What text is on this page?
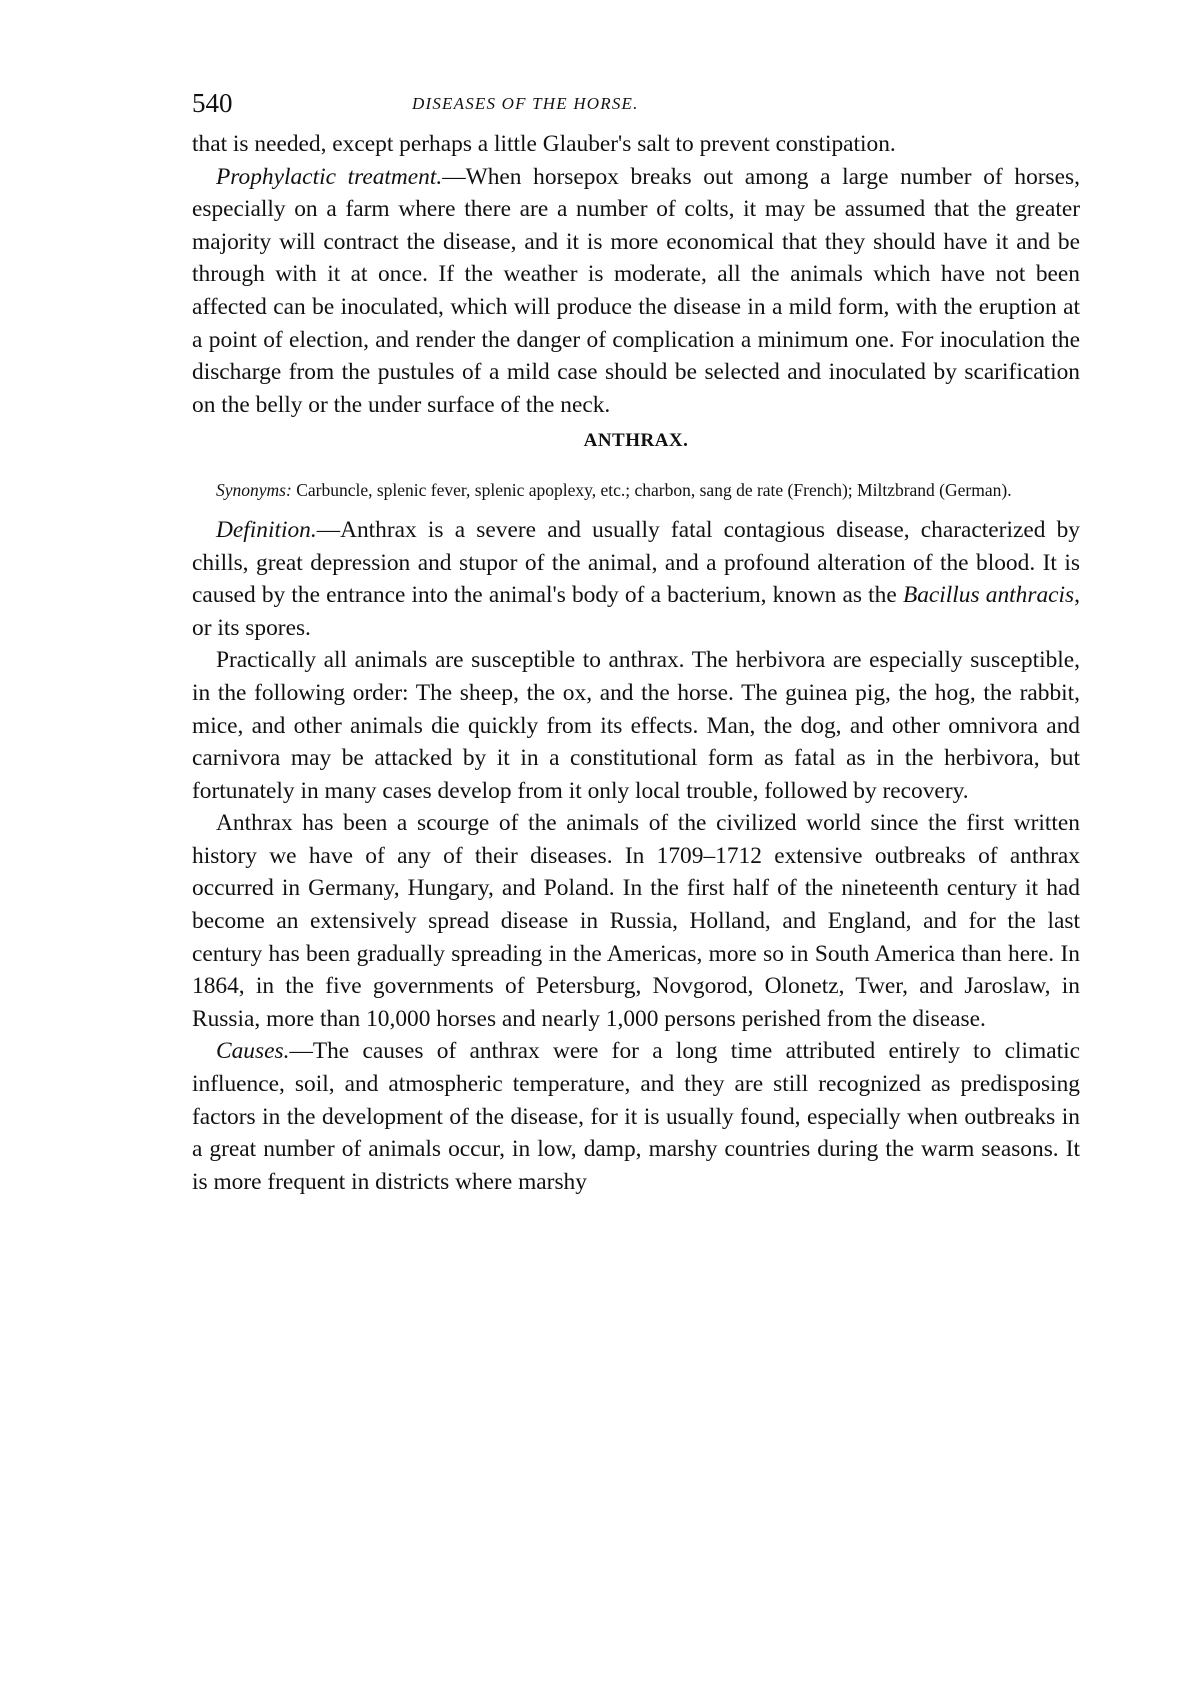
540	DISEASES OF THE HORSE.

that is needed, except perhaps a little Glauber's salt to prevent constipation.

Prophylactic treatment.—When horsepox breaks out among a large number of horses, especially on a farm where there are a number of colts, it may be assumed that the greater majority will contract the disease, and it is more economical that they should have it and be through with it at once. If the weather is moderate, all the animals which have not been affected can be inoculated, which will produce the disease in a mild form, with the eruption at a point of election, and render the danger of complication a minimum one. For inoculation the discharge from the pustules of a mild case should be selected and inoculated by scarification on the belly or the under surface of the neck.

ANTHRAX.

Synonyms: Carbuncle, splenic fever, splenic apoplexy, etc.; charbon, sang de rate (French); Miltzbrand (German).

Definition.—Anthrax is a severe and usually fatal contagious disease, characterized by chills, great depression and stupor of the animal, and a profound alteration of the blood. It is caused by the entrance into the animal's body of a bacterium, known as the Bacillus anthracis, or its spores.

Practically all animals are susceptible to anthrax. The herbivora are especially susceptible, in the following order: The sheep, the ox, and the horse. The guinea pig, the hog, the rabbit, mice, and other animals die quickly from its effects. Man, the dog, and other omnivora and carnivora may be attacked by it in a constitutional form as fatal as in the herbivora, but fortunately in many cases develop from it only local trouble, followed by recovery.

Anthrax has been a scourge of the animals of the civilized world since the first written history we have of any of their diseases. In 1709–1712 extensive outbreaks of anthrax occurred in Germany, Hungary, and Poland. In the first half of the nineteenth century it had become an extensively spread disease in Russia, Holland, and England, and for the last century has been gradually spreading in the Americas, more so in South America than here. In 1864, in the five governments of Petersburg, Novgorod, Olonetz, Twer, and Jaroslaw, in Russia, more than 10,000 horses and nearly 1,000 persons perished from the disease.

Causes.—The causes of anthrax were for a long time attributed entirely to climatic influence, soil, and atmospheric temperature, and they are still recognized as predisposing factors in the development of the disease, for it is usually found, especially when outbreaks in a great number of animals occur, in low, damp, marshy countries during the warm seasons. It is more frequent in districts where marshy
